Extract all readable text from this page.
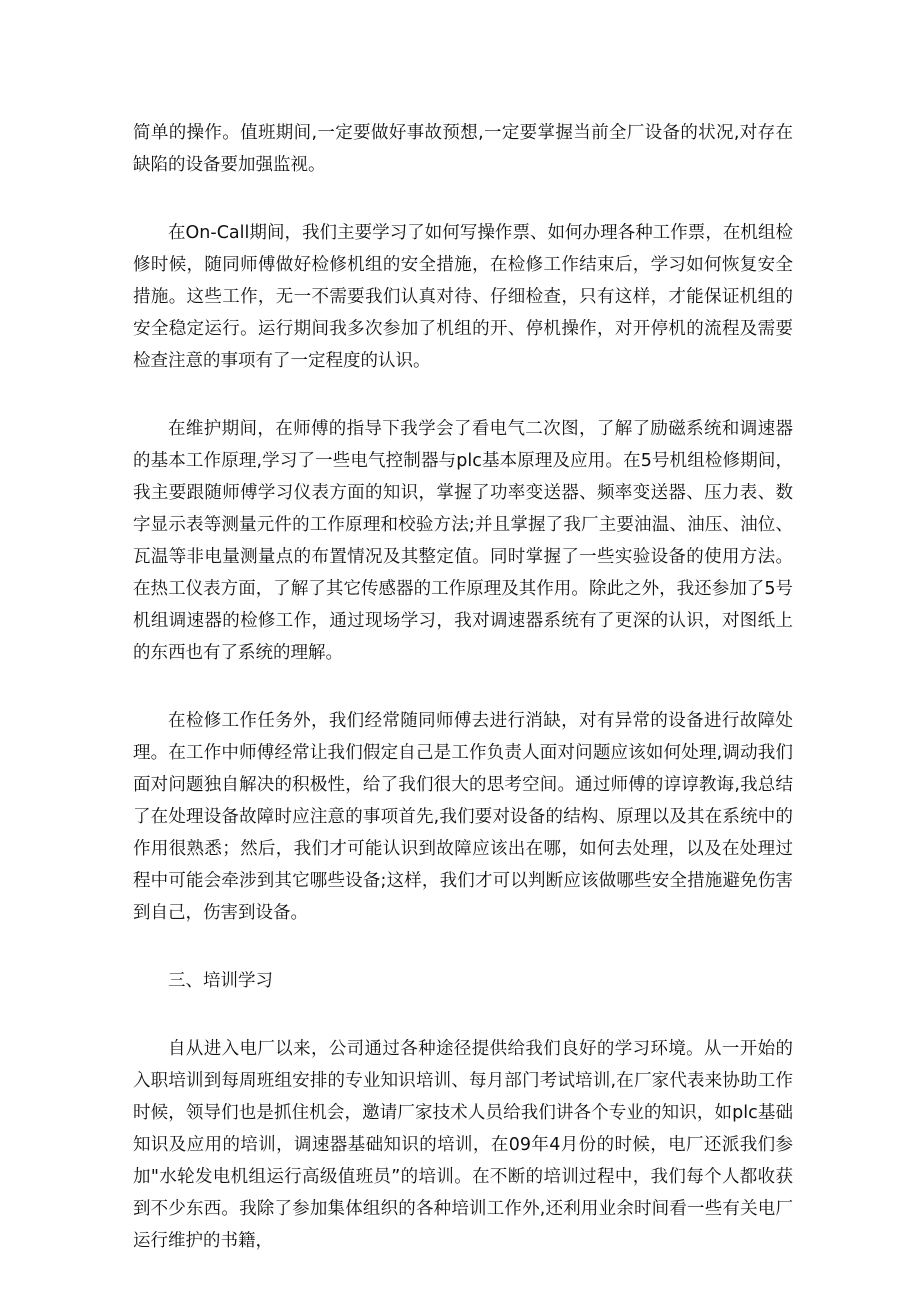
简单的操作。值班期间,一定要做好事故预想,一定要掌握当前全厂设备的状况,对存在缺陷的设备要加强监视。

在On-Call期间，我们主要学习了如何写操作票、如何办理各种工作票，在机组检修时候，随同师傅做好检修机组的安全措施，在检修工作结束后，学习如何恢复安全措施。这些工作，无一不需要我们认真对待、仔细检查，只有这样，才能保证机组的安全稳定运行。运行期间我多次参加了机组的开、停机操作，对开停机的流程及需要检查注意的事项有了一定程度的认识。

在维护期间，在师傅的指导下我学会了看电气二次图，了解了励磁系统和调速器的基本工作原理,学习了一些电气控制器与plc基本原理及应用。在5号机组检修期间，我主要跟随师傅学习仪表方面的知识，掌握了功率变送器、频率变送器、压力表、数字显示表等测量元件的工作原理和校验方法;并且掌握了我厂主要油温、油压、油位、瓦温等非电量测量点的布置情况及其整定值。同时掌握了一些实验设备的使用方法。在热工仪表方面，了解了其它传感器的工作原理及其作用。除此之外，我还参加了5号机组调速器的检修工作，通过现场学习，我对调速器系统有了更深的认识，对图纸上的东西也有了系统的理解。

在检修工作任务外，我们经常随同师傅去进行消缺，对有异常的设备进行故障处理。在工作中师傅经常让我们假定自己是工作负责人面对问题应该如何处理,调动我们面对问题独自解决的积极性，给了我们很大的思考空间。通过师傅的谆谆教诲,我总结了在处理设备故障时应注意的事项首先,我们要对设备的结构、原理以及其在系统中的作用很熟悉；然后，我们才可能认识到故障应该出在哪，如何去处理，以及在处理过程中可能会牵涉到其它哪些设备;这样，我们才可以判断应该做哪些安全措施避免伤害到自己，伤害到设备。

三、培训学习

自从进入电厂以来，公司通过各种途径提供给我们良好的学习环境。从一开始的入职培训到每周班组安排的专业知识培训、每月部门考试培训,在厂家代表来协助工作时候，领导们也是抓住机会，邀请厂家技术人员给我们讲各个专业的知识，如plc基础知识及应用的培训，调速器基础知识的培训，在09年4月份的时候，电厂还派我们参加"水轮发电机组运行高级值班员”的培训。在不断的培训过程中，我们每个人都收获到不少东西。我除了参加集体组织的各种培训工作外,还利用业余时间看一些有关电厂运行维护的书籍，
